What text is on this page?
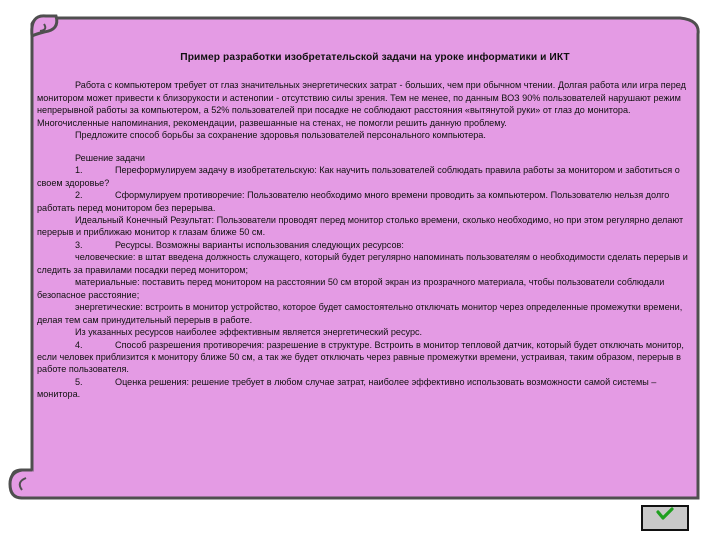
Пример разработки изобретательской задачи на уроке информатики и ИКТ

Работа с компьютером требует от глаз значительных энергетических затрат - больших, чем при обычном чтении. Долгая работа или игра перед монитором может привести к близорукости и астенопии - отсутствию силы зрения. Тем не менее, по данным ВОЗ 90% пользователей нарушают режим непрерывной работы за компьютером, а 52% пользователей при посадке не соблюдают расстояния «вытянутой руки» от глаз до монитора. Многочисленные напоминания, рекомендации, развешанные на стенах, не помогли решить данную проблему.

Предложите способ борьбы за сохранение здоровья пользователей персонального компьютера.

Решение задачи

1.	Переформулируем задачу в изобретательскую: Как научить пользователей соблюдать правила работы за монитором и заботиться о своем здоровье?

2.	Сформулируем противоречие: Пользователю необходимо много времени проводить за компьютером. Пользователю нельзя долго работать перед монитором без перерыва.

Идеальный Конечный Результат: Пользователи проводят перед монитор столько времени, сколько необходимо, но при этом регулярно делают перерыв и приближаю монитор к глазам ближе 50 см.

3.	Ресурсы. Возможны варианты использования следующих ресурсов:

человеческие: в штат введена должность служащего, который будет регулярно напоминать пользователям о необходимости сделать перерыв и следить за правилами посадки перед монитором;

материальные: поставить перед монитором на расстоянии 50 см второй экран из прозрачного материала, чтобы пользователи соблюдали безопасное расстояние;

энергетические: встроить в монитор устройство, которое будет самостоятельно отключать монитор через определенные промежутки времени, делая тем сам принудительный перерыв в работе.

Из указанных ресурсов наиболее эффективным является энергетический ресурс.

4.	Способ разрешения противоречия: разрешение в структуре. Встроить в монитор тепловой датчик, который будет отключать монитор, если человек приблизится к монитору ближе 50 см, а так же будет отключать через равные промежутки времени, устраивая, таким образом, перерыв в работе пользователя.

5.	Оценка решения: решение требует в любом случае затрат, наиболее эффективно использовать возможности самой системы – монитора.
